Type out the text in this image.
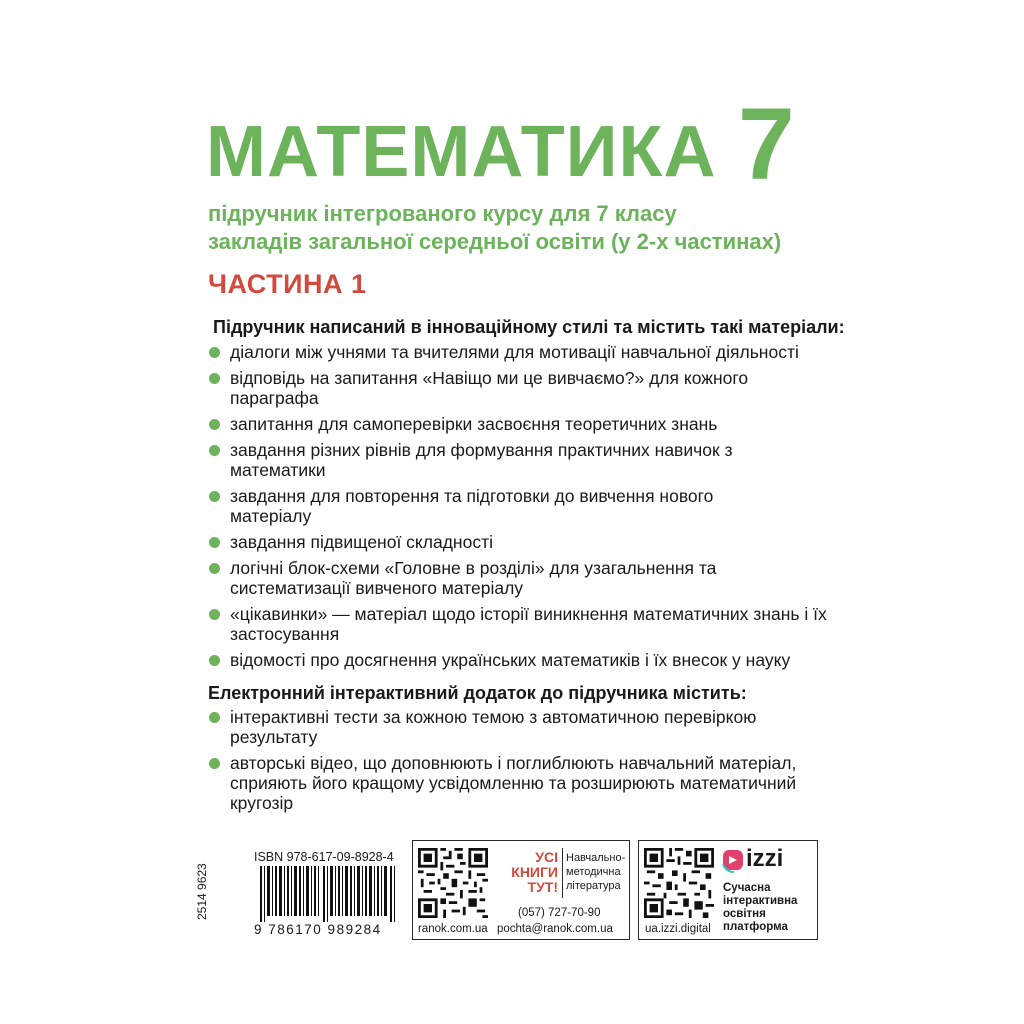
МАТЕМАТИКА 7
підручник інтегрованого курсу для 7 класу
закладів загальної середньої освіти (у 2-х частинах)
ЧАСТИНА 1
Підручник написаний в інноваційному стилі та містить такі матеріали:
діалоги між учнями та вчителями для мотивації навчальної діяльності
відповідь на запитання «Навіщо ми це вивчаємо?» для кожного параграфа
запитання для самоперевірки засвоєння теоретичних знань
завдання різних рівнів для формування практичних навичок з математики
завдання для повторення та підготовки до вивчення нового матеріалу
завдання підвищеної складності
логічні блок-схеми «Головне в розділі» для узагальнення та систематизації вивченого матеріалу
«цікавинки» — матеріал щодо історії виникнення математичних знань і їх застосування
відомості про досягнення українських математиків і їх внесок у науку
Електронний інтерактивний додаток до підручника містить:
інтерактивні тести за кожною темою з автоматичною перевіркою результату
авторські відео, що доповнюють і поглиблюють навчальний матеріал, сприяють його кращому усвідомленню та розширюють математичний кругозір
2514 9623
ISBN 978-617-09-8928-4
9 786170 989284	ranok.com.ua
УСІ
КНИГИ
ТУТ!
Навчально-
методична
література
(057) 727-70-90
pochta@ranok.com.ua	ua.izzi.digital
izzi
Сучасна
інтерактивна
освітня
платформа
